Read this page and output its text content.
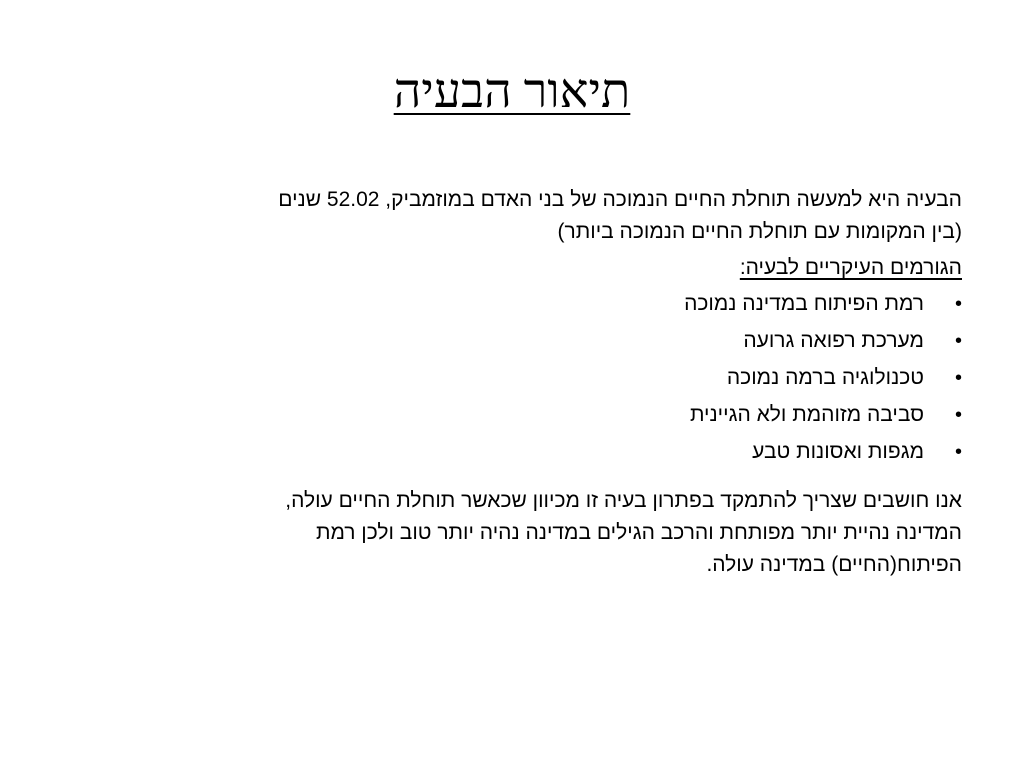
תיאור הבעיה
הבעיה היא למעשה תוחלת החיים הנמוכה של בני האדם במוזמביק, 52.02 שנים
(בין המקומות עם תוחלת החיים הנמוכה ביותר)
הגורמים העיקריים לבעיה:
•
רמת הפיתוח במדינה נמוכה
•
מערכת רפואה גרועה
•
טכנולוגיה ברמה נמוכה
•
סביבה מזוהמת ולא הגיינית
•
מגפות ואסונות טבע
אנו חושבים שצריך להתמקד בפתרון בעיה זו מכיוון שכאשר תוחלת החיים עולה,
המדינה נהיית יותר מפותחת והרכב הגילים במדינה נהיה יותר טוב ולכן רמת
הפיתוח(החיים) במדינה עולה.
